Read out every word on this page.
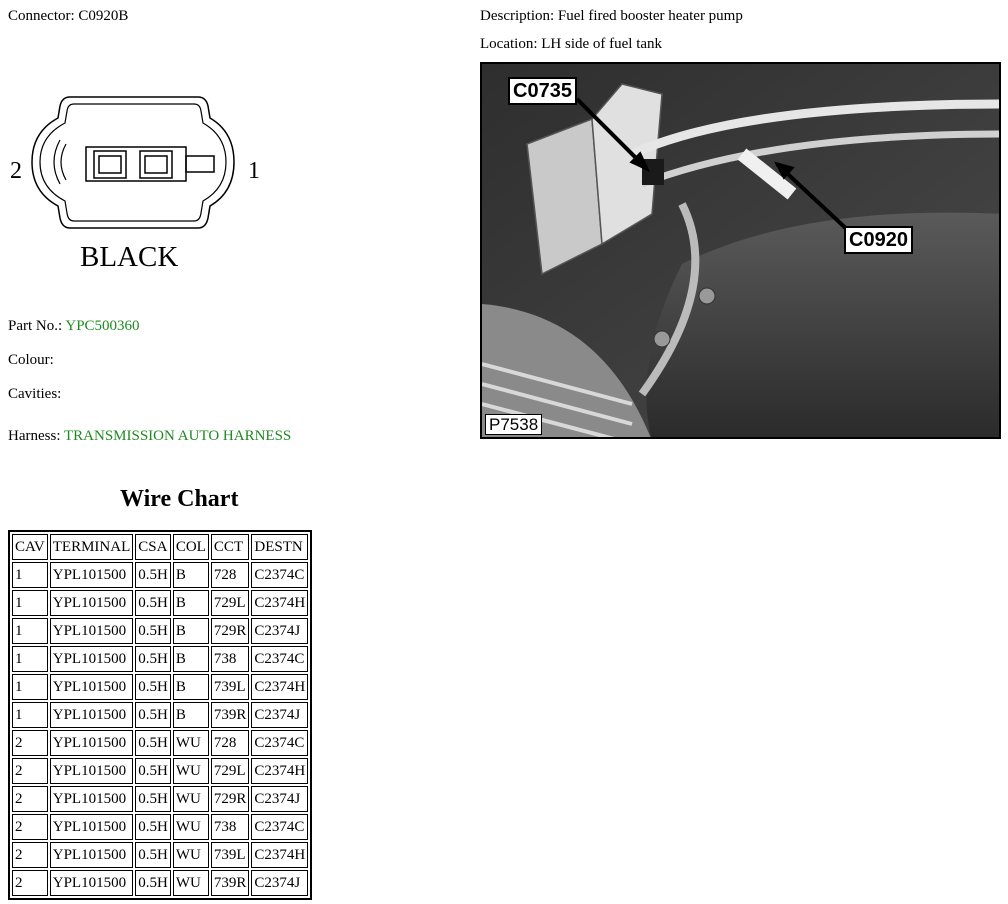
Connector: C0920B	Description: Fuel fired booster heater pump
Location: LH side of fuel tank
2	1
BLACK
Part No.: YPC500360
Colour:
Cavities:
Harness: TRANSMISSION AUTO HARNESS
C0735
C0920
P7538
Wire Chart
CAV	TERMINAL	CSA	COL	CCT	DESTN
1	YPL101500	0.5H	B	728	C2374C
1	YPL101500	0.5H	B	729L	C2374H
1	YPL101500	0.5H	B	729R	C2374J
1	YPL101500	0.5H	B	738	C2374C
1	YPL101500	0.5H	B	739L	C2374H
1	YPL101500	0.5H	B	739R	C2374J
2	YPL101500	0.5H	WU	728	C2374C
2	YPL101500	0.5H	WU	729L	C2374H
2	YPL101500	0.5H	WU	729R	C2374J
2	YPL101500	0.5H	WU	738	C2374C
2	YPL101500	0.5H	WU	739L	C2374H
2	YPL101500	0.5H	WU	739R	C2374J
